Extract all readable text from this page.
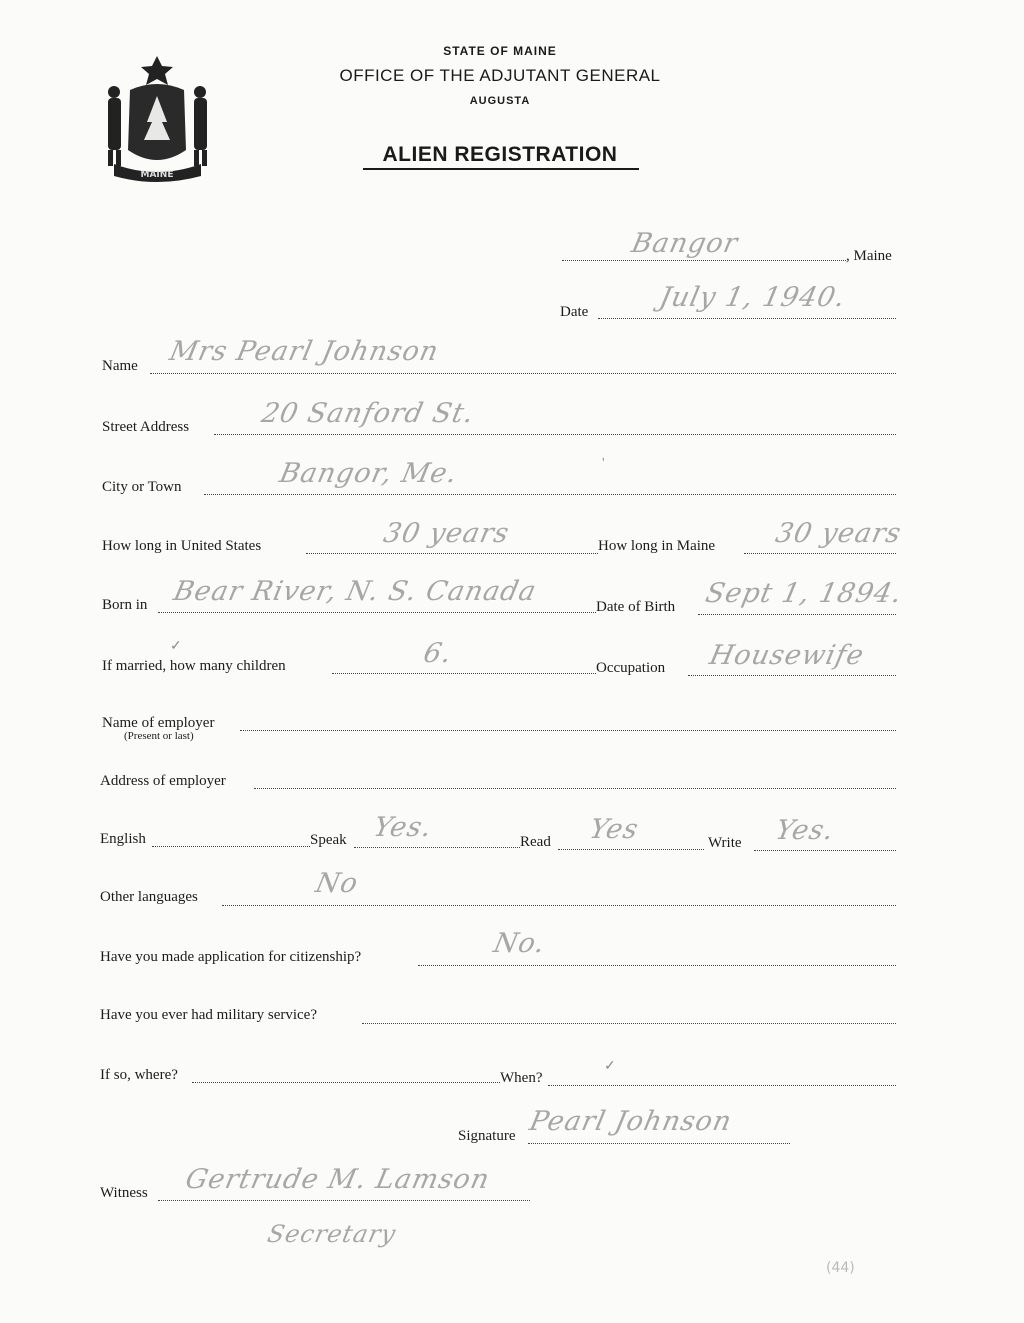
MAINE
STATE OF MAINE
OFFICE OF THE ADJUTANT GENERAL
AUGUSTA
ALIEN REGISTRATION
Bangor	, Maine
Date	July 1, 1940.
Name Mrs Pearl Johnson
Street Address	20 Sanford St.
City or Town	Bangor, Me.	'
How long in United States	30 years	How long in Maine 30 years
Born in Bear River, N. S. Canada	Date of Birth Sept 1, 1894.
✓
If married, how many children	6.	Occupation Housewife
Name of employer
(Present or last)
Address of employer
English	Speak Yes.	Read Yes	Write Yes.
Other languages	No
Have you made application for citizenship?	No.
Have you ever had military service?
If so, where?	When?
✓
Signature Pearl Johnson
Witness Gertrude M. Lamson
Secretary
(44)
